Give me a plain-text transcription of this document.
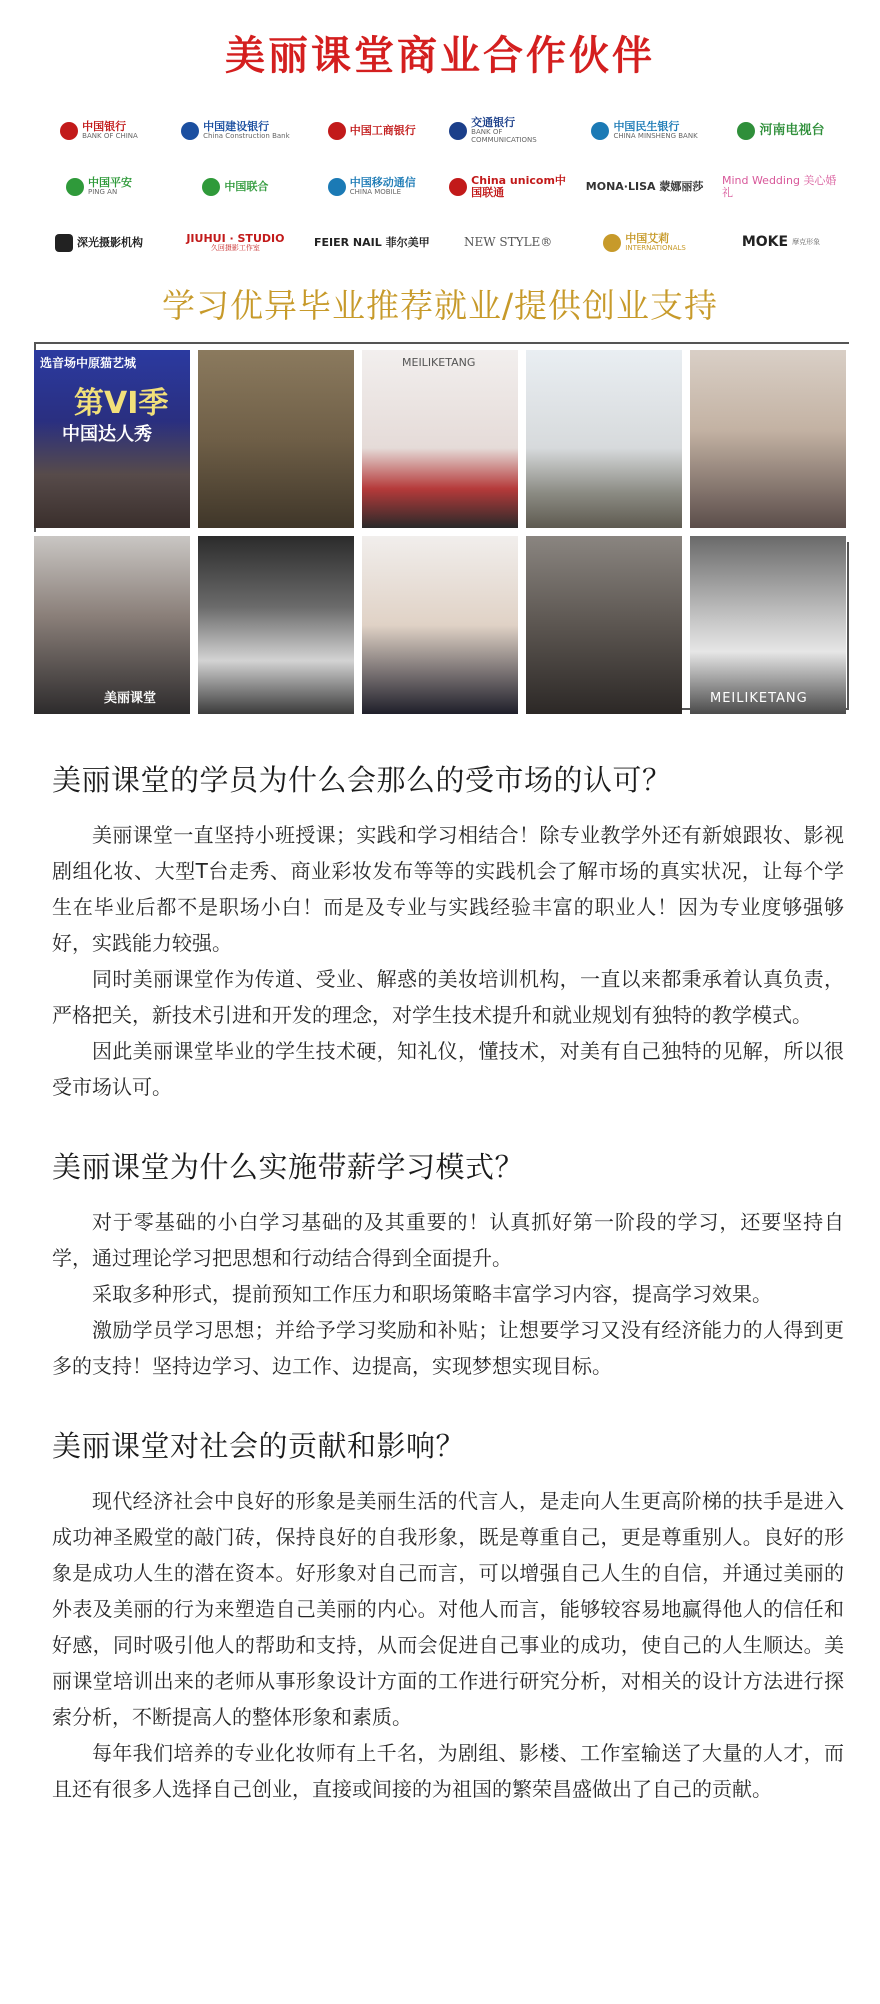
美丽课堂商业合作伙伴
中国银行
BANK OF CHINA
中国建设银行
China Construction Bank	中国工商银行
交通银行
BANK OF COMMUNICATIONS
中国民生银行
CHINA MINSHENG BANK	河南电视台
中国平安
PING AN	中国联合	中国移动通信
CHINA MOBILE
China unicom中国联通	MONA·LISA 蒙娜丽莎 Mind Wedding 美心婚礼
深光摄影机构	JIUHUI · STUDIO
久回摄影工作室	FEIER NAIL 菲尔美甲	NEW STYLE®	中国艾莉
INTERNATIONALS	MOKE 摩克形象
学习优异毕业推荐就业/提供创业支持
选音场中原猫艺城
第VI季
中国达人秀
MEILIKETANG
美丽课堂	MEILIKETANG
美丽课堂的学员为什么会那么的受市场的认可？

美丽课堂一直坚持小班授课；实践和学习相结合！除专业教学外还有新娘跟妆、影视剧组化妆、大型T台走秀、商业彩妆发布等等的实践机会了解市场的真实状况，让每个学生在毕业后都不是职场小白！而是及专业与实践经验丰富的职业人！因为专业度够强够好，实践能力较强。

同时美丽课堂作为传道、受业、解惑的美妆培训机构，一直以来都秉承着认真负责，严格把关，新技术引进和开发的理念，对学生技术提升和就业规划有独特的教学模式。

因此美丽课堂毕业的学生技术硬，知礼仪，懂技术，对美有自己独特的见解，所以很受市场认可。

美丽课堂为什么实施带薪学习模式？

对于零基础的小白学习基础的及其重要的！认真抓好第一阶段的学习，还要坚持自学，通过理论学习把思想和行动结合得到全面提升。

采取多种形式，提前预知工作压力和职场策略丰富学习内容，提高学习效果。

激励学员学习思想；并给予学习奖励和补贴；让想要学习又没有经济能力的人得到更多的支持！坚持边学习、边工作、边提高，实现梦想实现目标。

美丽课堂对社会的贡献和影响？

现代经济社会中良好的形象是美丽生活的代言人，是走向人生更高阶梯的扶手是进入成功神圣殿堂的敲门砖，保持良好的自我形象，既是尊重自己，更是尊重别人。良好的形象是成功人生的潜在资本。好形象对自己而言，可以增强自己人生的自信，并通过美丽的外表及美丽的行为来塑造自己美丽的内心。对他人而言，能够较容易地赢得他人的信任和好感，同时吸引他人的帮助和支持，从而会促进自己事业的成功，使自己的人生顺达。美丽课堂培训出来的老师从事形象设计方面的工作进行研究分析，对相关的设计方法进行探索分析，不断提高人的整体形象和素质。

每年我们培养的专业化妆师有上千名，为剧组、影楼、工作室输送了大量的人才，而且还有很多人选择自己创业，直接或间接的为祖国的繁荣昌盛做出了自己的贡献。
